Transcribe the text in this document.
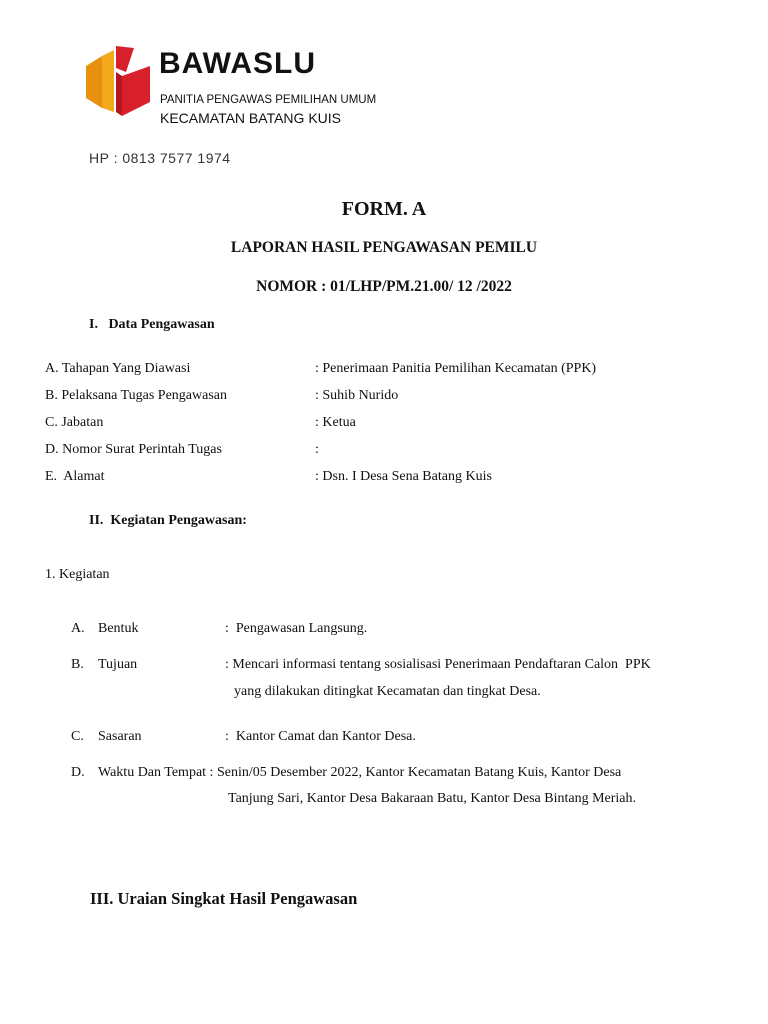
BAWASLU
PANITIA PENGAWAS PEMILIHAN UMUM
KECAMATAN BATANG KUIS
HP : 0813 7577 1974
FORM. A
LAPORAN HASIL PENGAWASAN PEMILU
NOMOR : 01/LHP/PM.21.00/ 12 /2022
I.   Data Pengawasan
A. Tahapan Yang Diawasi	: Penerimaan Panitia Pemilihan Kecamatan (PPK)
B. Pelaksana Tugas Pengawasan	: Suhib Nurido
C. Jabatan	: Ketua
D. Nomor Surat Perintah Tugas	:
E.  Alamat	: Dsn. I Desa Sena Batang Kuis
II.  Kegiatan Pengawasan:
1. Kegiatan
A. Bentuk	:  Pengawasan Langsung.
B. Tujuan	: Mencari informasi tentang sosialisasi Penerimaan Pendaftaran Calon  PPK
yang dilakukan ditingkat Kecamatan dan tingkat Desa.
C. Sasaran	:  Kantor Camat dan Kantor Desa.
D. Waktu Dan Tempat : Senin/05 Desember 2022, Kantor Kecamatan Batang Kuis, Kantor Desa
Tanjung Sari, Kantor Desa Bakaraan Batu, Kantor Desa Bintang Meriah.
III. Uraian Singkat Hasil Pengawasan
